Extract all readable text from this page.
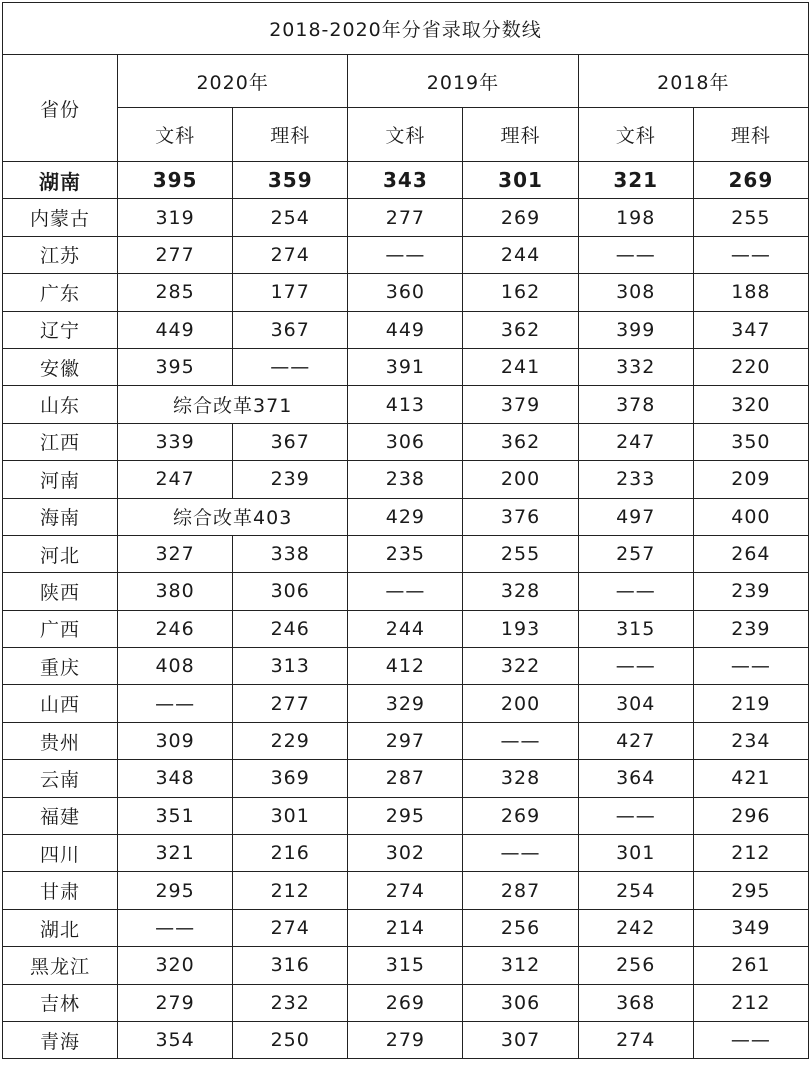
2018-2020年分省录取分数线						
省份	2020年		2019年		2018年	
	文科	理科	文科	理科	文科	理科
湖南	395	359	343	301	321	269
内蒙古	319	254	277	269	198	255
江苏	277	274	——	244	——	——
广东	285	177	360	162	308	188
辽宁	449	367	449	362	399	347
安徽	395	——	391	241	332	220
山东	综合改革371		413	379	378	320
江西	339	367	306	362	247	350
河南	247	239	238	200	233	209
海南	综合改革403		429	376	497	400
河北	327	338	235	255	257	264
陕西	380	306	——	328	——	239
广西	246	246	244	193	315	239
重庆	408	313	412	322	——	——
山西	——	277	329	200	304	219
贵州	309	229	297	——	427	234
云南	348	369	287	328	364	421
福建	351	301	295	269	——	296
四川	321	216	302	——	301	212
甘肃	295	212	274	287	254	295
湖北	——	274	214	256	242	349
黑龙江	320	316	315	312	256	261
吉林	279	232	269	306	368	212
青海	354	250	279	307	274	——
